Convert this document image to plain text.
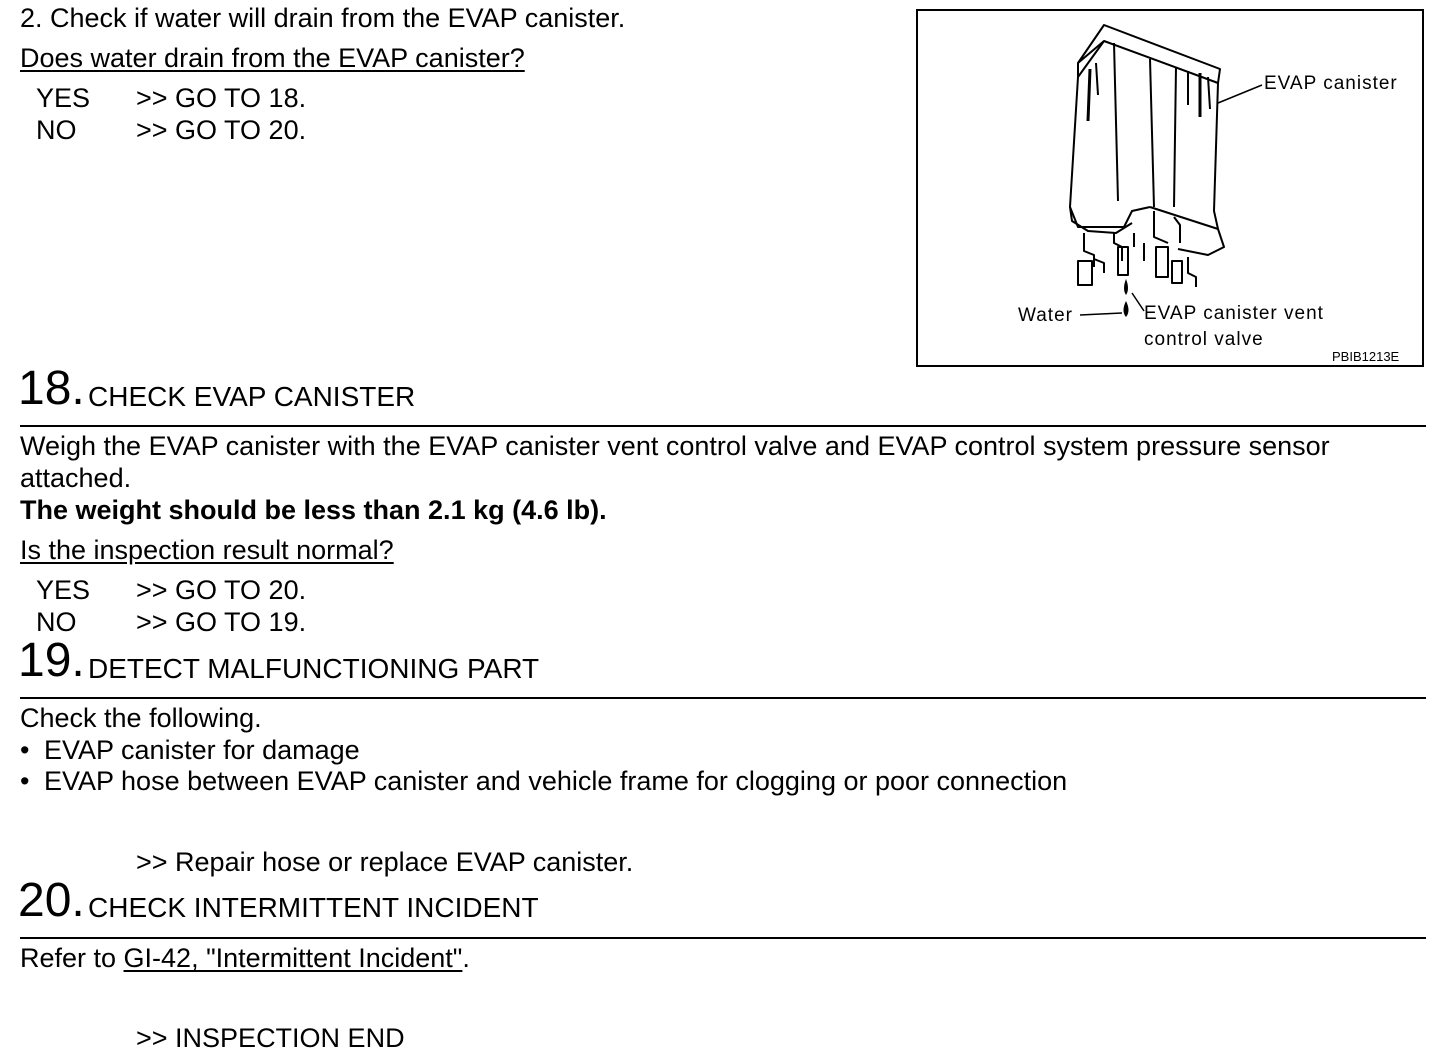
2. Check if water will drain from the EVAP canister.
Does water drain from the EVAP canister?
YES >> GO TO 18.
NO >> GO TO 20.
EVAP canister
Water	EVAP canister vent
control valve
PBIB1213E
18. CHECK EVAP CANISTER
Weigh the EVAP canister with the EVAP canister vent control valve and EVAP control system pressure sensor
attached.
The weight should be less than 2.1 kg (4.6 lb).
Is the inspection result normal?
YES >> GO TO 20.
NO >> GO TO 19.
19. DETECT MALFUNCTIONING PART
Check the following.
• EVAP canister for damage
• EVAP hose between EVAP canister and vehicle frame for clogging or poor connection
>> Repair hose or replace EVAP canister.
20. CHECK INTERMITTENT INCIDENT
Refer to GI-42, "Intermittent Incident".
>> INSPECTION END
